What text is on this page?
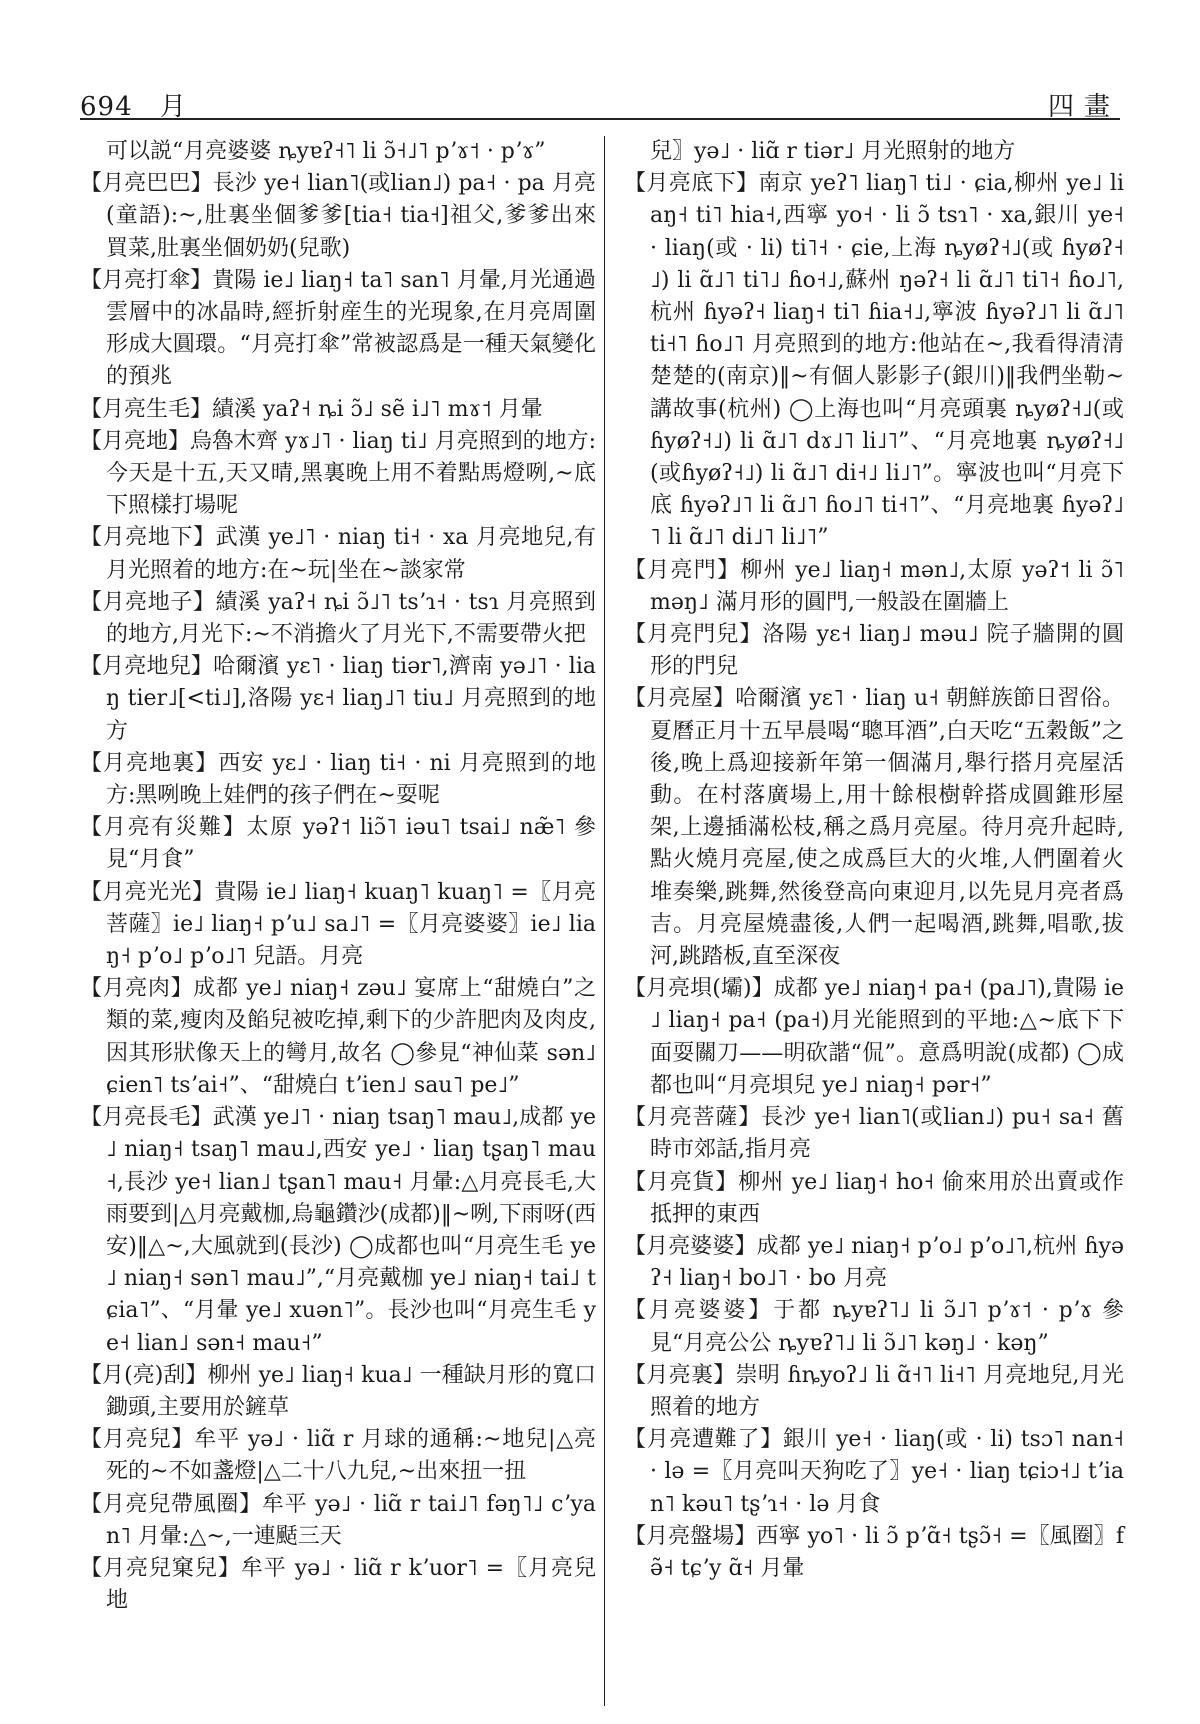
694 月	四畫

可以説“月亮婆婆 ȵyɐʔ˧˥ li ɔ̃˧˩˥ pʼɤ˦ · pʼɤ”

【月亮巴巴】長沙 ye˧ lian˥(或lian˩) pa˧ · pa 月亮(童語):~,肚裏坐個爹爹[tia˧ tia˧]祖父,爹爹出來買菜,肚裏坐個奶奶(兒歌)

【月亮打傘】貴陽 ie˩ liaŋ˧ ta˥ san˥ 月暈,月光通過雲層中的冰晶時,經折射産生的光現象,在月亮周圍形成大圓環。“月亮打傘”常被認爲是一種天氣變化的預兆

【月亮生毛】績溪 yaʔ˧ ȵi ɔ̃˩ sẽ i˩˥ mɤ˦ 月暈

【月亮地】烏魯木齊 yɤ˩˥ · liaŋ ti˩ 月亮照到的地方:今天是十五,天又晴,黑裏晚上用不着點馬燈咧,~底下照樣打場呢

【月亮地下】武漢 ye˩˥ · niaŋ ti˧ · xa 月亮地兒,有月光照着的地方:在~玩|坐在~談家常

【月亮地子】績溪 yaʔ˧ ȵi ɔ̃˩˥ tsʼɿ˧ · tsɿ 月亮照到的地方,月光下:~不消擔火了月光下,不需要帶火把

【月亮地兒】哈爾濱 yɛ˥ · liaŋ tiər˥,濟南 yə˩˥ · liaŋ tier˩[<ti˩],洛陽 yɛ˧ liaŋ˩˥ tiu˩ 月亮照到的地方

【月亮地裏】西安 yɛ˩ · liaŋ ti˧ · ni 月亮照到的地方:黑咧晚上娃們的孩子們在~耍呢

【月亮有災難】太原 yəʔ˦ liɔ̃˥ iəu˥ tsai˩ næ̃˥ 參見“月食”

【月亮光光】貴陽 ie˩ liaŋ˧ kuaŋ˥ kuaŋ˥ =〖月亮菩薩〗ie˩ liaŋ˧ pʼu˩ sa˩˥ =〖月亮婆婆〗ie˩ liaŋ˧ pʼo˩ pʼo˩˥ 兒語。月亮

【月亮肉】成都 ye˩ niaŋ˧ zəu˩ 宴席上“甜燒白”之類的菜,瘦肉及餡兒被吃掉,剩下的少許肥肉及肉皮,因其形狀像天上的彎月,故名 ◯參見“神仙菜 sən˩ ɕien˥ tsʼai˧”、“甜燒白 tʼien˩ sau˥ pe˩”

【月亮長毛】武漢 ye˩˥ · niaŋ tsaŋ˥ mau˩,成都 ye˩ niaŋ˧ tsaŋ˥ mau˩,西安 ye˩ · liaŋ tʂaŋ˥ mau˧,長沙 ye˧ lian˩ tʂan˥ mau˧ 月暈:△月亮長毛,大雨要到|△月亮戴枷,烏龜鑽沙(成都)‖~咧,下雨呀(西安)‖△~,大風就到(長沙) ◯成都也叫“月亮生毛 ye˩ niaŋ˧ sən˥ mau˩”,“月亮戴枷 ye˩ niaŋ˧ tai˩ tɕia˥”、“月暈 ye˩ xuən˥”。長沙也叫“月亮生毛 ye˧ lian˩ sən˧ mau˧”

【月(亮)刮】柳州 ye˩ liaŋ˧ kua˩ 一種缺月形的寬口鋤頭,主要用於鏟草

【月亮兒】牟平 yə˩ · liɑ̃ r 月球的通稱:~地兒|△亮死的~不如盞燈|△二十八九兒,~出來扭一扭

【月亮兒帶風圈】牟平 yə˩ · liɑ̃ r tai˩˥ fəŋ˥˩ cʼyan˥ 月暈:△~,一連颳三天

【月亮兒窠兒】牟平 yə˩ · liɑ̃ r kʼuor˥ =〖月亮兒地

兒〗yə˩ · liɑ̃ r tiər˩ 月光照射的地方

【月亮底下】南京 yeʔ˥ liaŋ˥ ti˩ · ɕia,柳州 ye˩ liaŋ˧ ti˥ hia˧,西寧 yo˧ · li ɔ̃ tsɿ˥ · xa,銀川 ye˧ · liaŋ(或 · li) ti˥˧ · ɕie,上海 ȵyøʔ˧˩(或 ɦyøʔ˧˩) li ɑ̃˩˥ ti˥˩ ɦo˧˩,蘇州 ŋəʔ˧ li ɑ̃˩˥ ti˥˧ ɦo˩˥,杭州 ɦyəʔ˧ liaŋ˧ ti˥ ɦia˧˩,寧波 ɦyəʔ˩˥ li ɑ̃˩˥ ti˧˥ ɦo˩˥ 月亮照到的地方:他站在~,我看得清清楚楚的(南京)‖~有個人影影子(銀川)‖我們坐勒~講故事(杭州) ◯上海也叫“月亮頭裏 ȵyøʔ˧˩(或ɦyøʔ˧˩) li ɑ̃˩˥ dɤ˩˥ li˩˥”、“月亮地裏 ȵyøʔ˧˩(或ɦyøʔ˧˩) li ɑ̃˩˥ di˧˩ li˩˥”。寧波也叫“月亮下底 ɦyəʔ˩˥ li ɑ̃˩˥ ɦo˩˥ ti˧˥”、“月亮地裏 ɦyəʔ˩˥ li ɑ̃˩˥ di˩˥ li˩˥”

【月亮門】柳州 ye˩ liaŋ˧ mən˩,太原 yəʔ˦ li ɔ̃˥ məŋ˩ 滿月形的圓門,一般設在圍牆上

【月亮門兒】洛陽 yɛ˧ liaŋ˩ məu˩ 院子牆開的圓形的門兒

【月亮屋】哈爾濱 yɛ˥ · liaŋ u˧ 朝鮮族節日習俗。夏曆正月十五早晨喝“聰耳酒”,白天吃“五穀飯”之後,晚上爲迎接新年第一個滿月,舉行搭月亮屋活動。在村落廣場上,用十餘根樹幹搭成圓錐形屋架,上邊插滿松枝,稱之爲月亮屋。待月亮升起時,點火燒月亮屋,使之成爲巨大的火堆,人們圍着火堆奏樂,跳舞,然後登高向東迎月,以先見月亮者爲吉。月亮屋燒盡後,人們一起喝酒,跳舞,唱歌,拔河,跳踏板,直至深夜

【月亮垻(壩)】成都 ye˩ niaŋ˧ pa˧ (pa˩˥),貴陽 ie˩ liaŋ˧ pa˧ (pa˧)月光能照到的平地:△~底下下面耍關刀——明砍諧“侃”。意爲明說(成都) ◯成都也叫“月亮垻兒 ye˩ niaŋ˧ pər˧”

【月亮菩薩】長沙 ye˧ lian˥(或lian˩) pu˧ sa˧ 舊時市郊話,指月亮

【月亮貨】柳州 ye˩ liaŋ˧ ho˧ 偷來用於出賣或作抵押的東西

【月亮婆婆】成都 ye˩ niaŋ˧ pʼo˩ pʼo˩˥,杭州 ɦyəʔ˧ liaŋ˧ bo˩˥ · bo 月亮

【月亮婆婆】于都 ȵyɐʔ˥˩ li ɔ̃˩˥ pʼɤ˦ · pʼɤ 參見“月亮公公 ȵyɐʔ˥˩ li ɔ̃˩˥ kəŋ˩ · kəŋ”

【月亮裏】崇明 ɦȵyoʔ˩ li ɑ̃˧˥ li˧˥ 月亮地兒,月光照着的地方

【月亮遭難了】銀川 ye˧ · liaŋ(或 · li) tsɔ˥ nan˧ · lə =〖月亮叫天狗吃了〗ye˧ · liaŋ tɕiɔ˧˩ tʼian˥ kəu˥ tʂʼɿ˧ · lə 月食

【月亮盤場】西寧 yo˥ · li ɔ̃ pʼɑ̃˧ tʂɔ̃˧ =〖風圈〗f ə̃˧ tɕʼy ɑ̃˧ 月暈
